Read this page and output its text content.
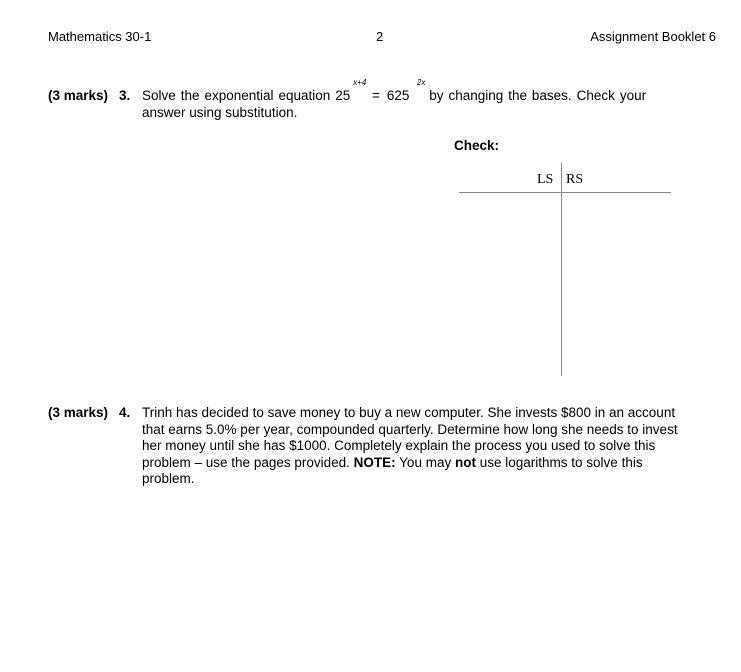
Mathematics 30-1	2	Assignment Booklet 6
(3 marks) 3. Solve the exponential equation 25
x+4
= 625
2x
by changing the bases. Check your
answer using substitution.
Check:
LS RS
(3 marks) 4. Trinh has decided to save money to buy a new computer. She invests $800 in an account that earns 5.0% per year, compounded quarterly. Determine how long she needs to invest her money until she has $1000. Completely explain the process you used to solve this problem – use the pages provided. NOTE: You may not use logarithms to solve this problem.
